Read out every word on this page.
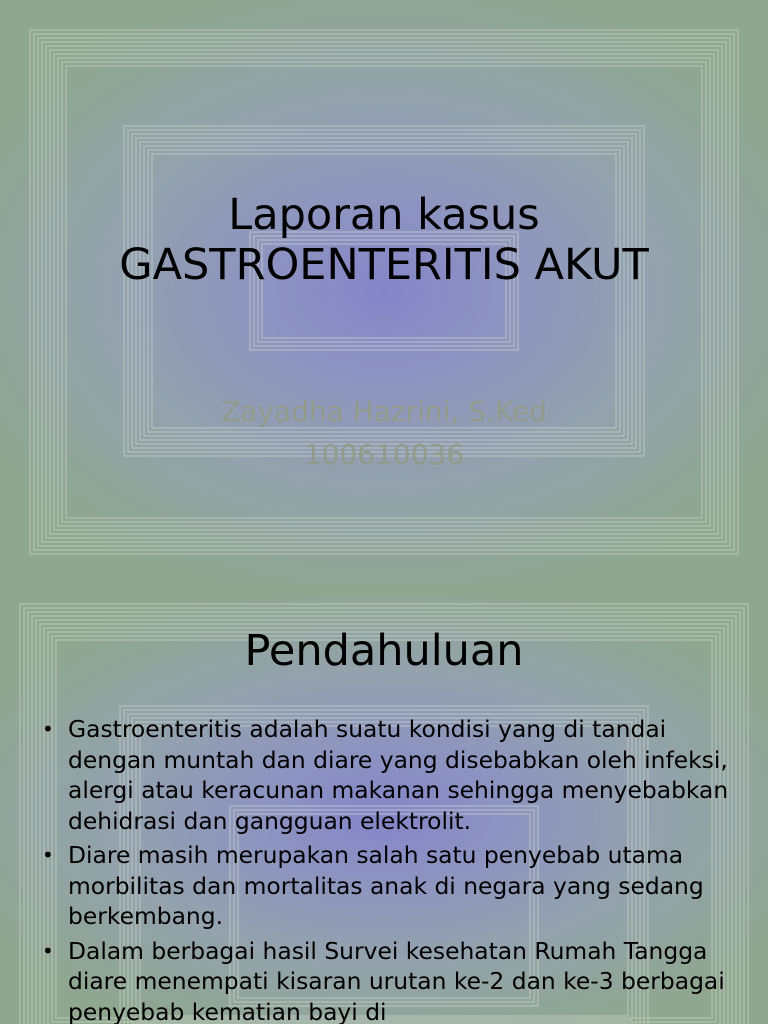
Laporan kasus
GASTROENTERITIS AKUT
Zayadha Hazrini, S.Ked
100610036
Pendahuluan
• Gastroenteritis adalah suatu kondisi yang di tandai dengan muntah dan diare yang disebabkan oleh infeksi, alergi atau keracunan makanan sehingga menyebabkan dehidrasi dan gangguan elektrolit.
• Diare masih merupakan salah satu penyebab utama morbilitas dan mortalitas anak di negara yang sedang berkembang.
• Dalam berbagai hasil Survei kesehatan Rumah Tangga diare menempati kisaran urutan ke-2 dan ke-3 berbagai penyebab kematian bayi di
